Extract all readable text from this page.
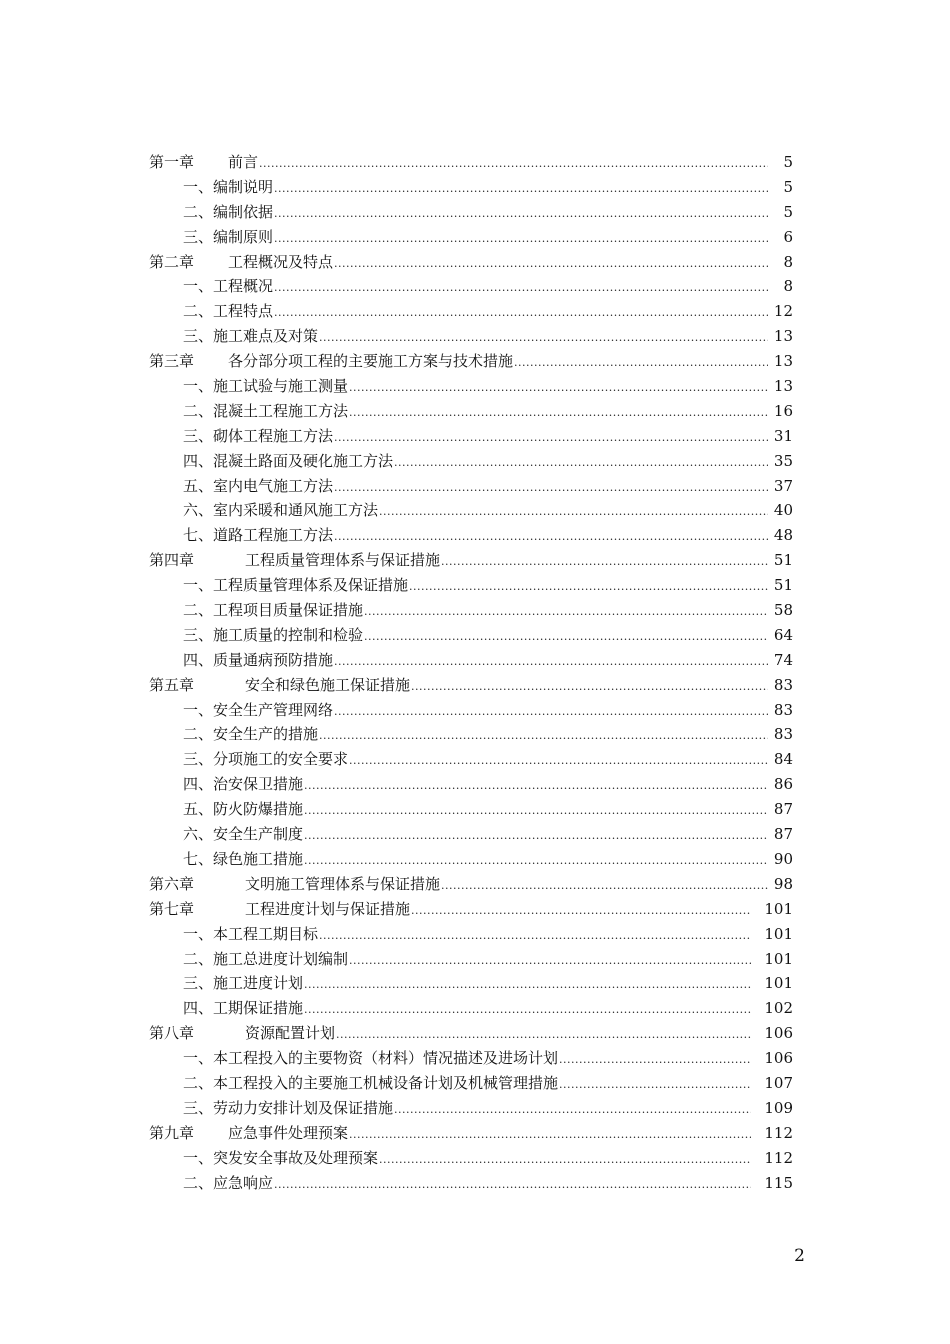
第一章 前言 .....	5
一、编制说明 .....	5
二、编制依据 .....	5
三、编制原则 .....	6
第二章 工程概况及特点 .....	8
一、工程概况 .....	8
二、工程特点 .....	12
三、施工难点及对策 .....	13
第三章 各分部分项工程的主要施工方案与技术措施 .....	13
一、施工试验与施工测量 .....	13
二、混凝土工程施工方法 .....	16
三、砌体工程施工方法 .....	31
四、混凝土路面及硬化施工方法 .....	35
五、室内电气施工方法 .....	37
六、室内采暖和通风施工方法 .....	40
七、道路工程施工方法 .....	48
第四章	工程质量管理体系与保证措施 .....	51
一、工程质量管理体系及保证措施 .....	51
二、工程项目质量保证措施 .....	58
三、施工质量的控制和检验 .....	64
四、质量通病预防措施 .....	74
第五章	安全和绿色施工保证措施 .....	83
一、安全生产管理网络 .....	83
二、安全生产的措施 .....	83
三、分项施工的安全要求 .....	84
四、治安保卫措施 .....	86
五、防火防爆措施 .....	87
六、安全生产制度 .....	87
七、绿色施工措施 .....	90
第六章	文明施工管理体系与保证措施 .....	98
第七章	工程进度计划与保证措施 .....	101
一、本工程工期目标 .....	101
二、施工总进度计划编制 .....	101
三、施工进度计划 .....	101
四、工期保证措施 .....	102
第八章	资源配置计划 .....	106
一、本工程投入的主要物资（材料）情况描述及进场计划 .....	106
二、本工程投入的主要施工机械设备计划及机械管理措施 .....	107
三、劳动力安排计划及保证措施 .....	109
第九章 应急事件处理预案 .....	112
一、突发安全事故及处理预案 .....	112
二、应急响应 .....	115
2
